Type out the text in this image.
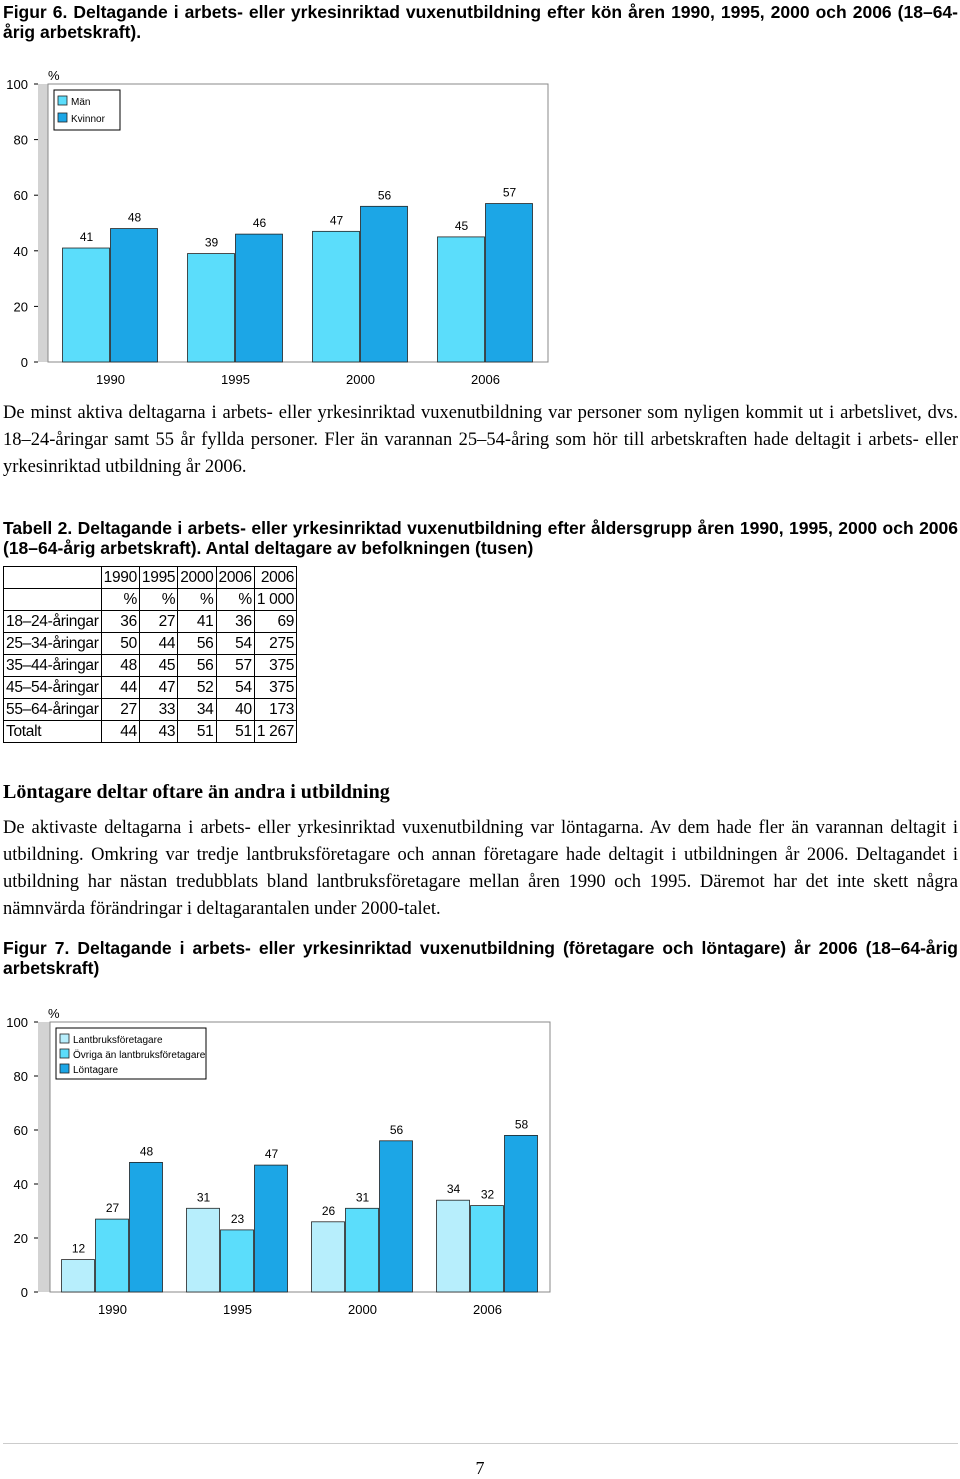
Figur 6. Deltagande i arbets- eller yrkesinriktad vuxenutbildning efter kön åren 1990, 1995, 2000 och 2006 (18–64-årig arbetskraft).
%
0
20
40
60
80
100
41
48
1990
39
46
1995
47
56
2000
45
57
2006
Män
Kvinnor
De minst aktiva deltagarna i arbets- eller yrkesinriktad vuxenutbildning var personer som nyligen kommit ut i arbetslivet, dvs. 18–24-åringar samt 55 år fyllda personer. Fler än varannan 25–54-åring som hör till arbetskraften hade deltagit i arbets- eller yrkesinriktad utbildning år 2006.
Tabell 2. Deltagande i arbets- eller yrkesinriktad vuxenutbildning efter åldersgrupp åren 1990, 1995, 2000 och 2006 (18–64-årig arbetskraft). Antal deltagare av befolkningen (tusen)
	1990	1995	2000	2006	2006
	%	%	%	%	1 000
18–24-åringar	36	27	41	36	69
25–34-åringar	50	44	56	54	275
35–44-åringar	48	45	56	57	375
45–54-åringar	44	47	52	54	375
55–64-åringar	27	33	34	40	173
Totalt	44	43	51	51	1 267
Löntagare deltar oftare än andra i utbildning
De aktivaste deltagarna i arbets- eller yrkesinriktad vuxenutbildning var löntagarna. Av dem hade fler än varannan deltagit i utbildning. Omkring var tredje lantbruksföretagare och annan företagare hade deltagit i utbildningen år 2006. Deltagandet i utbildning har nästan tredubblats bland lantbruksföretagare mellan åren 1990 och 1995. Däremot har det inte skett några nämnvärda förändringar i deltagarantalen under 2000-talet.
Figur 7. Deltagande i arbets- eller yrkesinriktad vuxenutbildning (företagare och löntagare) år 2006 (18–64-årig arbetskraft)
%
0
20
40
60
80
100
12
27
48
1990
31
23
47
1995
26
31
56
2000
34 32
58
2006
Lantbruksföretagare
Övriga än lantbruksföretagare
Löntagare
7
